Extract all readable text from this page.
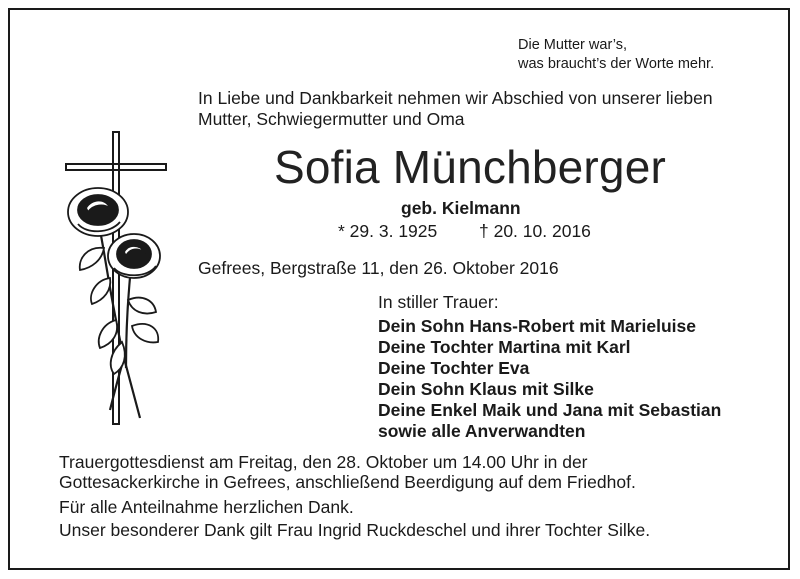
Die Mutter war’s,
was braucht’s der Worte mehr.

In Liebe und Dankbarkeit nehmen wir Abschied von unserer lieben
Mutter, Schwiegermutter und Oma

Sofia Münchberger

geb. Kielmann

* 29. 3. 1925 † 20. 10. 2016

Gefrees, Bergstraße 11, den 26. Oktober 2016

In stiller Trauer:

Dein Sohn Hans-Robert mit Marieluise
Deine Tochter Martina mit Karl
Deine Tochter Eva
Dein Sohn Klaus mit Silke
Deine Enkel Maik und Jana mit Sebastian
sowie alle Anverwandten

Trauergottesdienst am Freitag, den 28. Oktober um 14.00 Uhr in der
Gottesackerkirche in Gefrees, anschließend Beerdigung auf dem Friedhof.

Für alle Anteilnahme herzlichen Dank.

Unser besonderer Dank gilt Frau Ingrid Ruckdeschel und ihrer Tochter Silke.
